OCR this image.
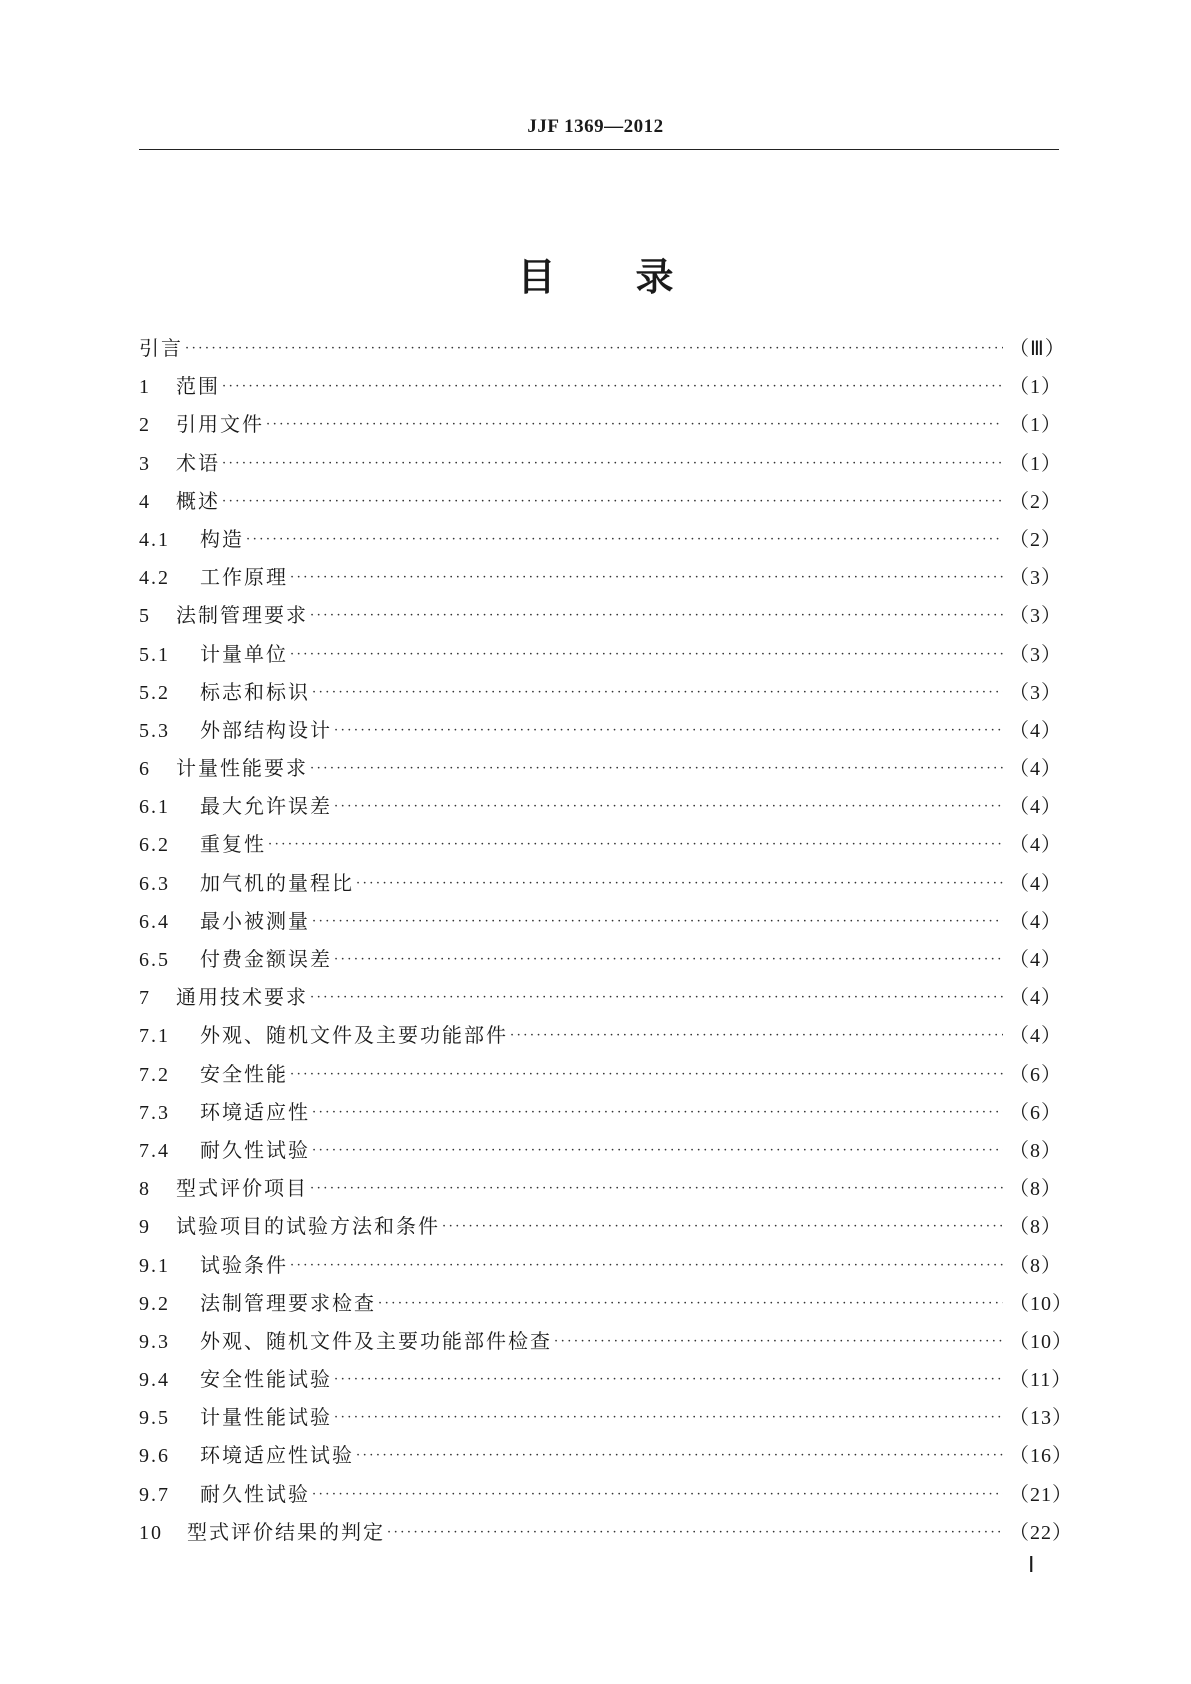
JJF 1369—2012
目录
引言 ·····	（Ⅲ）
1	范围 ·····	（1）
2	引用文件 ·····	（1）
3	术语 ·····	（1）
4	概述 ·····	（2）
4.1	构造 ·····	（2）
4.2	工作原理 ·····	（3）
5	法制管理要求 ·····	（3）
5.1	计量单位 ·····	（3）
5.2	标志和标识 ·····	（3）
5.3	外部结构设计 ·····	（4）
6	计量性能要求 ·····	（4）
6.1	最大允许误差 ·····	（4）
6.2	重复性 ·····	（4）
6.3	加气机的量程比 ·····	（4）
6.4	最小被测量 ·····	（4）
6.5	付费金额误差 ·····	（4）
7	通用技术要求 ·····	（4）
7.1	外观、随机文件及主要功能部件 ·····	（4）
7.2	安全性能 ·····	（6）
7.3	环境适应性 ·····	（6）
7.4	耐久性试验 ·····	（8）
8	型式评价项目 ·····	（8）
9	试验项目的试验方法和条件 ·····	（8）
9.1	试验条件 ·····	（8）
9.2	法制管理要求检查 ·····	（10）
9.3	外观、随机文件及主要功能部件检查 ·····	（10）
9.4	安全性能试验 ·····	（11）
9.5	计量性能试验 ·····	（13）
9.6	环境适应性试验 ·····	（16）
9.7	耐久性试验 ·····	（21）
10	型式评价结果的判定 ·····	（22）
Ⅰ
